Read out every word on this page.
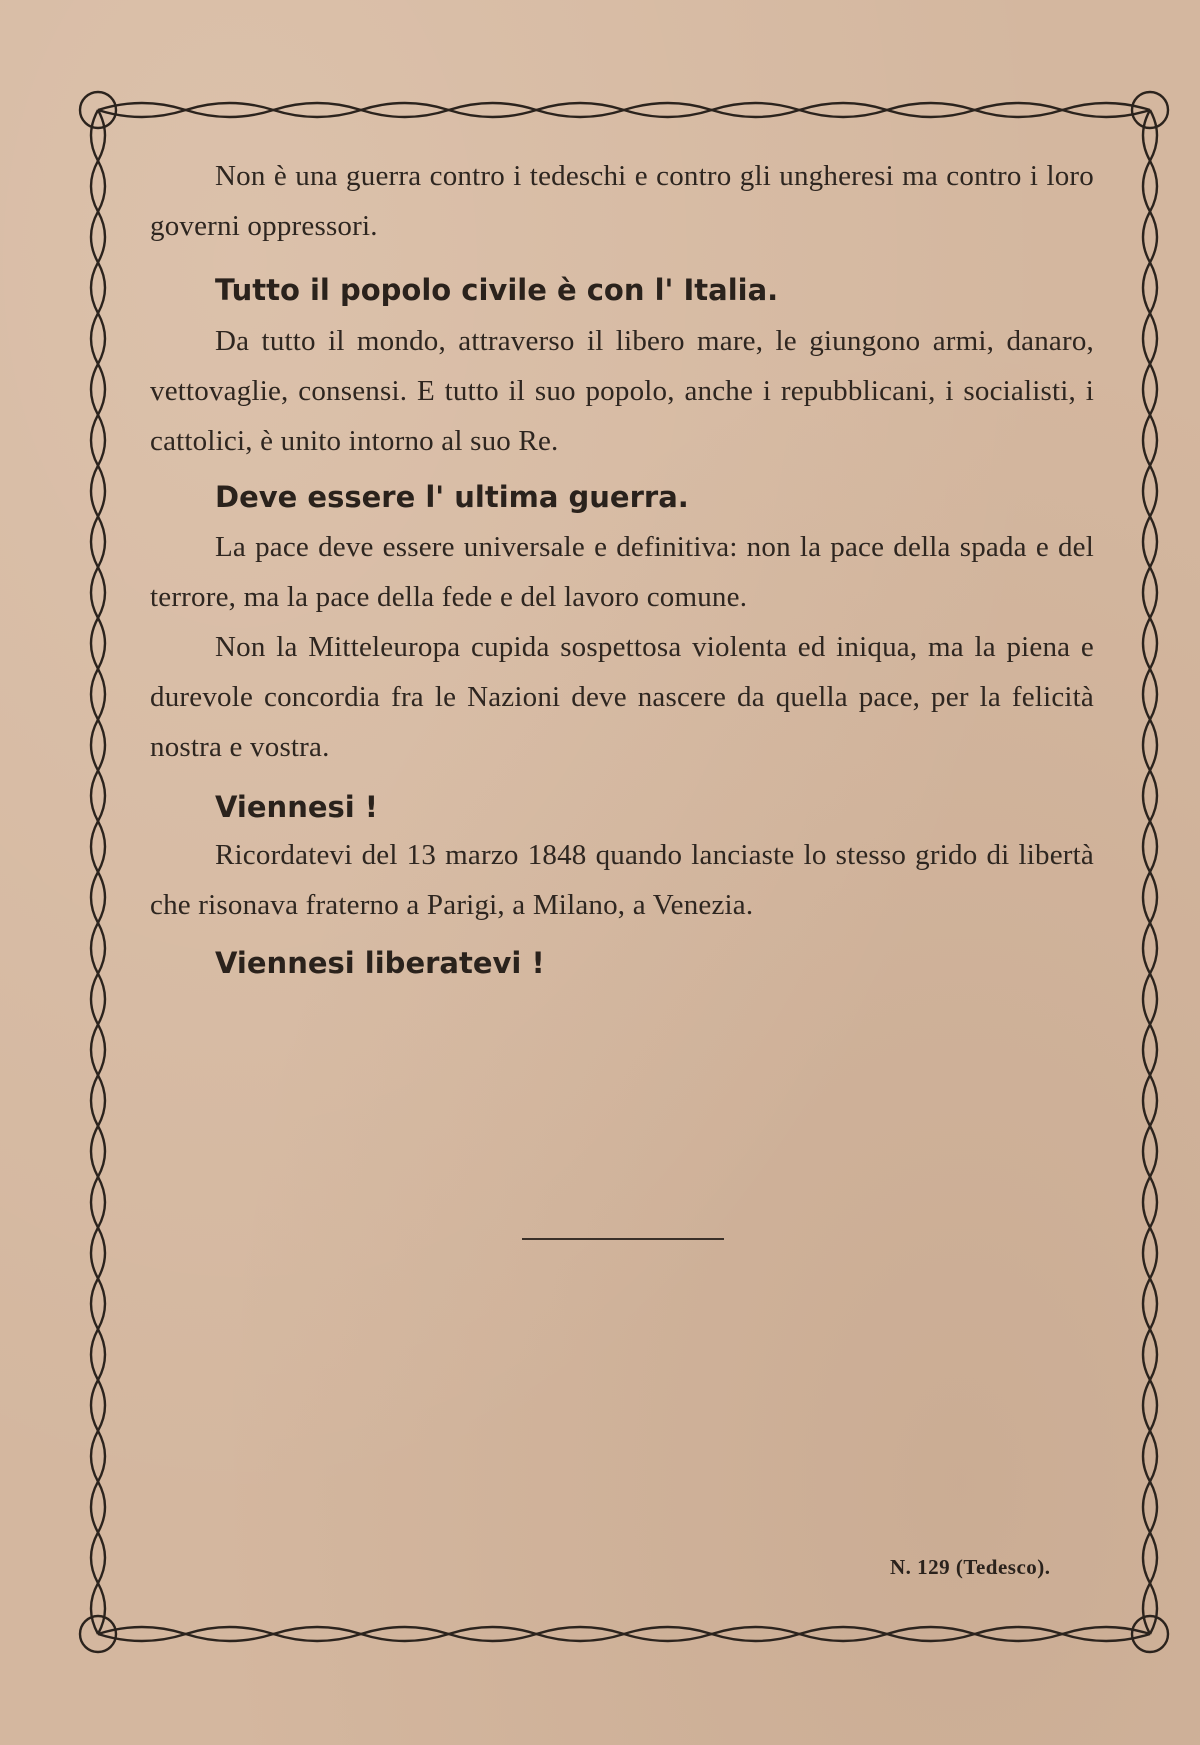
Non è una guerra contro i tedeschi e contro gli ungheresi ma contro i loro governi oppressori.

Tutto il popolo civile è con l' Italia.

Da tutto il mondo, attraverso il libero mare, le giungono armi, danaro, vettovaglie, consensi. E tutto il suo popolo, anche i repubblicani, i socialisti, i cattolici, è unito intorno al suo Re.

Deve essere l' ultima guerra.

La pace deve essere universale e definitiva: non la pace della spada e del terrore, ma la pace della fede e del lavoro comune.

Non la Mitteleuropa cupida sospettosa violenta ed iniqua, ma la piena e durevole concordia fra le Nazioni deve nascere da quella pace, per la felicità nostra e vostra.

Viennesi !

Ricordatevi del 13 marzo 1848 quando lanciaste lo stesso grido di libertà che risonava fraterno a Parigi, a Milano, a Venezia.

Viennesi liberatevi !

N. 129 (Tedesco).
